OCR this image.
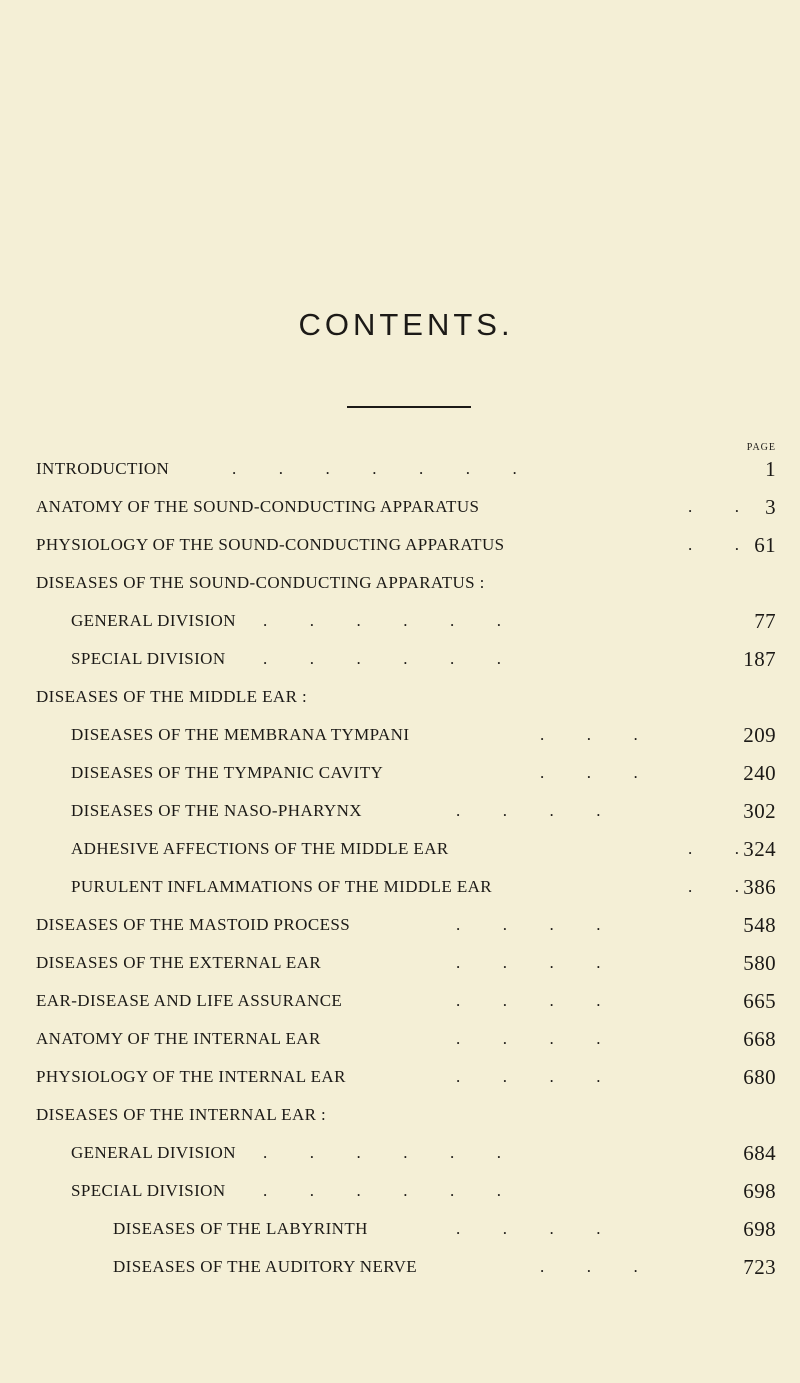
CONTENTS.
PAGE
INTRODUCTION	.          .          .          .          .          .          .	1
ANATOMY OF THE SOUND-CONDUCTING APPARATUS	.          . 3
PHYSIOLOGY OF THE SOUND-CONDUCTING APPARATUS	.          . 61
DISEASES OF THE SOUND-CONDUCTING APPARATUS :
GENERAL DIVISION .          .          .          .          .          .	77
SPECIAL DIVISION .          .          .          .          .          .	187
DISEASES OF THE MIDDLE EAR :
DISEASES OF THE MEMBRANA TYMPANI	.          .          .	209
DISEASES OF THE TYMPANIC CAVITY	.          .          .	240
DISEASES OF THE NASO-PHARYNX	.          .          .          .	302
ADHESIVE AFFECTIONS OF THE MIDDLE EAR	.          . 324
PURULENT INFLAMMATIONS OF THE MIDDLE EAR	.          . 386
DISEASES OF THE MASTOID PROCESS	.          .          .          .	548
DISEASES OF THE EXTERNAL EAR	.          .          .          .	580
EAR-DISEASE AND LIFE ASSURANCE	.          .          .          .	665
ANATOMY OF THE INTERNAL EAR	.          .          .          .	668
PHYSIOLOGY OF THE INTERNAL EAR	.          .          .          .	680
DISEASES OF THE INTERNAL EAR :
GENERAL DIVISION .          .          .          .          .          .	684
SPECIAL DIVISION .          .          .          .          .          .	698
DISEASES OF THE LABYRINTH	.          .          .          .	698
DISEASES OF THE AUDITORY NERVE	.          .          .	723
